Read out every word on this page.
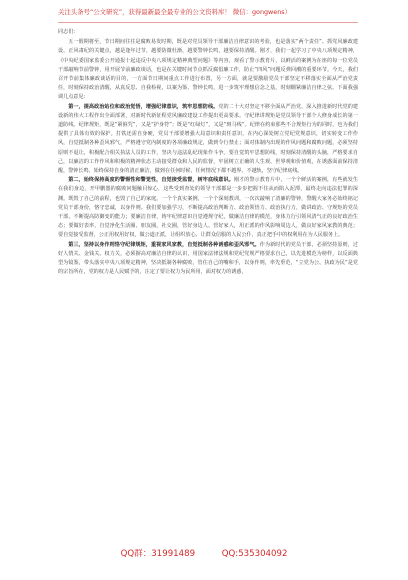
关注头条号“公文研究”，获得最新最全最专业的公文资料库！ 微信：gongwens）

同志们：

五一假期将至，节日期间往往是腐败易发时期，既是对党员领导干部廉洁自律意识的考验，也是落实“两个责任”、抓党风廉政建设、正风肃纪的关键点，越是逢年过节，越要防微杜渐，越要警钟长鸣，越要保持清醒。刚才，我们一起学习了中央八项规定精神，《中央纪委国家监委公开通报十起违反中央八项规定精神典型问题》等内容，观看了警示教育片，以鲜活的案例为在座的每一位党员干部敲响节前警钟，用开展节前廉政谈话，也是在关键时间节点抓反腐倡廉工作，防止“四风”问题反弹回潮的重要环节。今天，我们召开节前集体廉政谈话的目的，一方面节日期间重点工作进行布置，另一方面，就是要激励党员干部坚定不移落实全面从严治党责任，时刻保持政治清醒，从真反思、自我检视，以案为鉴、警钟长鸣，进一步筑牢理想信念之基，时刻绷紧廉洁自律之弦。下面我强调几点意见：

第一，提高政治站位和政治觉悟，增强纪律意识，筑牢思想防线。党的二十大对坚定不移全面从严治党、深入推进新时代党的建设新的伟大工程作出全面部署，对新时代新征程党风廉政建设工作提出更高要求。守纪律讲规矩是党员领导干部个人修身成长的第一道防线。纪律规矩，既是“紧箍咒”，又是“护身符”；既是“红绿灯”，又是“斑马线”。纪律在约束那些不合规矩行为的同时，也为我们提供了具体有效的保护。打铁还需自身硬，党员干部要增强大局意识和责任意识，在内心深处树立党纪党规意识，切实转变工作作风，自觉抵制各种歪风邪气，严格遵守党内制度的各项廉政规定，做到令行禁止；面对体制内出现的作风问题和腐败问题，必须坚持原则不退让，积极配合相关执法人员的工作，坚决与违法乱纪现象作斗争。要自觉筑牢思想防线，时刻保持清醒的头脑，严格要求自己，以廉洁的工作作风和积极的精神状态主动接受群众和人民的监督，牢固树立正确的人生观、世界观和价值观，在诱惑面前保持清醒，警钟长鸣，始终保持自身的清正廉洁，做到在任何时候、任何情况下都不越界、不越轨，坚守纪律底线。

第二，始终保持高度的警惕性和警觉性，自觉接受监督，树牢底线意识。刚才的警示教育片中，一个个鲜活的案例，有些就发生在我们身边，开甲鹏器的腐败问题触目惊心，这些受到查处的领导干部都是一步步把握不住从而陷入泥潭，最终走向违法犯罪的深渊。既毁了自己的前程，也毁了自己的家庭。一个个真实案例，一个个深刻教训，一次次敲响了清廉的警钟，警醒大家务必始终铭记党员干部身份，恪守忠诚，以身作则。我们要加强学习，不断提高政治判断力、政治领悟力、政治执行力，做讲政治、守规矩的党员干部，不断提高防御变的能力；要廉洁自律，铸牢纪律意识自觉遵规守纪，做廉洁自律的模范，身体力行引领风清气正的良好政治生态；要做好表率，自觉净化生活圈、朋友圈。社交圈，管好身边人、管好家人，用正派的作风影响周边人，做良好家风家教的典范；要自觉接受监督，公正用权用好权，做公道正派，让组织放心、让群众信服的人民公仆，真正把手中的权利用在为人民服务上。

第三，坚持以身作则恪守纪律规矩，重视家风家教，自觉抵制各种诱惑和歪风邪气。作为新时代的党员干部，必须坚持原则，过好人情关、金钱关、权力关，必须摒高对廉洁自律的认识，用国家法律法规和党纪党规严格要求自己，以先进模范为榜样，以反面典型为镜鉴，带头落实中央八项规定精神，坚决抵制各种腐败，管住自己的嘴和手，以身作则，率先垂范，“立党为公、执政为民”是党的宗旨所在，党的权力是人民赋予的，注定了要让权力为民所用，面对权力的诱惑，

QQ群：31991489	QQ:535304092
